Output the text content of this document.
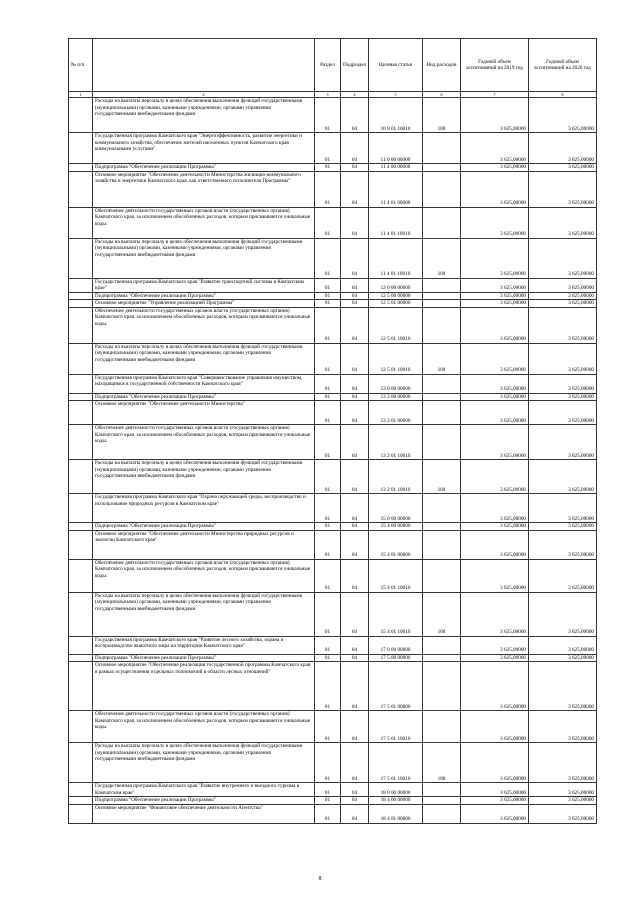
№ п/п		Раздел	Подраздел	Целевая статья	Вид расходов	Годовой объем ассигнований на 2019 год	Годовой объем ассигнований на 2020 год
1	2	3	4	5	6	7	8
	Расходы на выплаты персоналу в целях обеспечения выполнения функций государственными (муниципальными) органами, казенными учреждениями, органами управления государственными внебюджетными фондами	01	04	10 8 01 10010	100	3 625,00000	3 625,00000
	Государственная программа Камчатского края "Энергоэффективность, развитие энергетики и коммунального хозяйства, обеспечение жителей населенных пунктов Камчатского края коммунальными услугами"	01	04	11 0 00 00000		3 625,00000	3 625,00000
	Подпрограмма "Обеспечение реализации Программы"	01	04	11 4 00 00000		3 625,00000	3 625,00000
	Основное мероприятие "Обеспечение деятельности Министерства жилищно-коммунального хозяйства и энергетики Камчатского края, как ответственного исполнителя Программы"	01	04	11 4 01 00000		3 625,00000	3 625,00000
	Обеспечение деятельности государственных органов власти (государственных органов) Камчатского края, за исключением обособленных расходов, которым присваиваются уникальные коды.	01	04	11 4 01 10010		3 625,00000	3 625,00000
	Расходы на выплаты персоналу в целях обеспечения выполнения функций государственными (муниципальными) органами, казенными учреждениями, органами управления государственными внебюджетными фондами	01	04	11 4 01 10010	100	3 625,00000	3 625,00000
	Государственная программа Камчатского края "Развитие транспортной системы в Камчатском крае"	01	04	12 0 00 00000		3 625,00000	3 625,00000
	Подпрограмма "Обеспечение реализации Программы"	01	04	12 5 00 00000		3 625,00000	3 625,00000
	Основное мероприятие "Управление реализацией Программы"	01	04	12 5 01 00000		3 625,00000	3 625,00000
	Обеспечение деятельности государственных органов власти (государственных органов) Камчатского края, за исключением обособленных расходов, которым присваиваются уникальные коды.	01	04	12 5 01 10010		3 625,00000	3 625,00000
	Расходы на выплаты персоналу в целях обеспечения выполнения функций государственными (муниципальными) органами, казенными учреждениями, органами управления государственными внебюджетными фондами	01	04	12 5 01 10010	100	3 625,00000	3 625,00000
	Государственная программа Камчатского края "Совершенствование управления имуществом, находящимся в государственной собственности Камчатского края"	01	04	13 0 00 00000		3 625,00000	3 625,00000
	Подпрограмма "Обеспечение реализации Программы"	01	04	13 2 00 00000		3 625,00000	3 625,00000
	Основное мероприятие "Обеспечение деятельности Министерства"	01	04	13 2 01 00000		3 625,00000	3 625,00000
	Обеспечение деятельности государственных органов власти (государственных органов) Камчатского края, за исключением обособленных расходов, которым присваиваются уникальные коды.	01	04	13 2 01 10010		3 625,00000	3 625,00000
	Расходы на выплаты персоналу в целях обеспечения выполнения функций государственными (муниципальными) органами, казенными учреждениями, органами управления государственными внебюджетными фондами	01	04	13 2 01 10010	100	3 625,00000	3 625,00000
	Государственная программа Камчатского края "Охрана окружающей среды, воспроизводство и использование природных ресурсов в Камчатском крае"	01	04	15 0 00 00000		3 625,00000	3 625,00000
	Подпрограмма "Обеспечение реализации Программы"	01	04	15 4 00 00000		3 625,00000	3 625,00000
	Основное мероприятие "Обеспечение деятельности Министерства природных ресурсов и экологии Камчатского края"	01	04	15 4 01 00000		3 625,00000	3 625,00000
	Обеспечение деятельности государственных органов власти (государственных органов) Камчатского края, за исключением обособленных расходов, которым присваиваются уникальные коды.	01	04	15 4 01 10010		3 625,00000	3 625,00000
	Расходы на выплаты персоналу в целях обеспечения выполнения функций государственными (муниципальными) органами, казенными учреждениями, органами управления государственными внебюджетными фондами	01	04	15 4 01 10010	100	3 625,00000	3 625,00000
	Государственная программа Камчатского края "Развитие лесного хозяйства, охрана и воспроизводство животного мира на территории Камчатского края"	01	04	17 0 00 00000		3 625,00000	3 625,00000
	Подпрограмма "Обеспечение реализации Программы"	01	04	17 5 00 00000		3 625,00000	3 625,00000
	Основное мероприятие "Обеспечение реализации государственной программы Камчатского края в рамках осуществления отдельных полномочий в области лесных отношений"	01	04	17 5 01 00000		3 625,00000	3 625,00000
	Обеспечение деятельности государственных органов власти (государственных органов) Камчатского края, за исключением обособленных расходов, которым присваиваются уникальные коды.	01	04	17 5 01 10010		3 625,00000	3 625,00000
	Расходы на выплаты персоналу в целях обеспечения выполнения функций государственными (муниципальными) органами, казенными учреждениями, органами управления государственными внебюджетными фондами	01	04	17 5 01 10010	100	3 625,00000	3 625,00000
	Государственная программа Камчатского края "Развитие внутреннего и въездного туризма в Камчатском крае"	01	04	18 0 00 00000		3 625,00000	3 625,00000
	Подпрограмма "Обеспечение реализации Программы"	01	04	18 4 00 00000		3 625,00000	3 625,00000
	Основное мероприятие "Финансовое обеспечение деятельности Агентства"	01	04	18 4 01 00000		3 625,00000	3 625,00000
8
